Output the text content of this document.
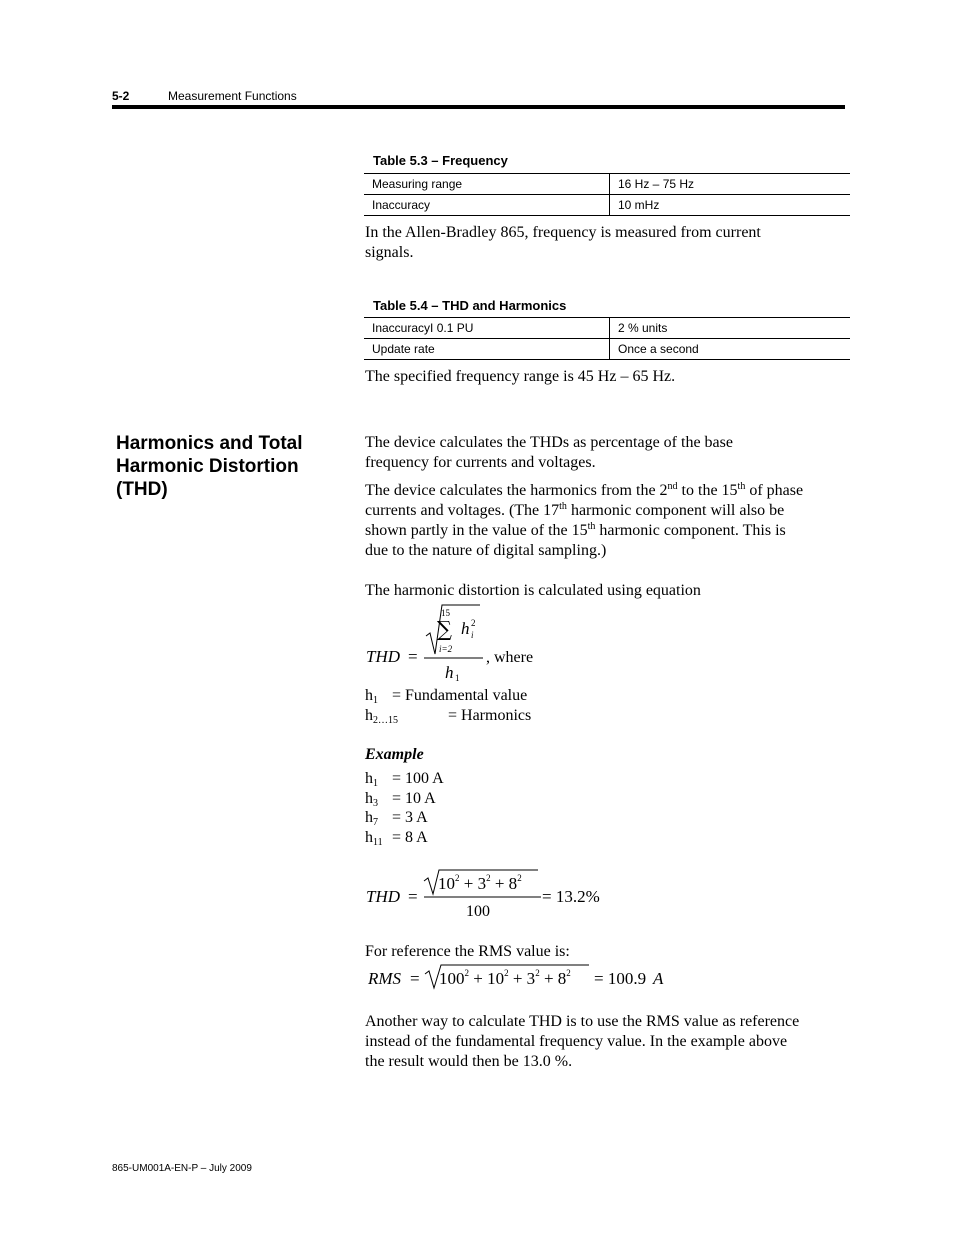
5-2	Measurement Functions
Table 5.3 – Frequency
Measuring range	16 Hz – 75 Hz
Inaccuracy	10 mHz
In the Allen-Bradley 865, frequency is measured from current signals.
Table 5.4 – THD and Harmonics
InaccuracyI 0.1 PU	2 % units
Update rate	Once a second
The specified frequency range is 45 Hz – 65 Hz.
Harmonics and Total Harmonic Distortion (THD)
The device calculates the THDs as percentage of the base frequency for currents and voltages.
The device calculates the harmonics from the 2nd to the 15th of phase currents and voltages. (The 17th harmonic component will also be shown partly in the value of the 15th harmonic component. This is due to the nature of digital sampling.)
The harmonic distortion is calculated using equation
THD =
15
∑
i=2
h 2
i
h 1
, where
$h_1$ = Fundamental value
$h_{2\dots 15}$	= Harmonics
Example
$h_1 = 100$ A
$h_3 = 10$ A
$h_7 = 3$ A
$h_{11} = 8$ A
THD =
$10^2 + 3^2 + 8^2$
100
= 13.2%
For reference the RMS value is:
RMS = $100^2 + 10^2 + 3^2 + 8^2 = 100.9$ A
Another way to calculate THD is to use the RMS value as reference instead of the fundamental frequency value. In the example above the result would then be 13.0 %.
865-UM001A-EN-P – July 2009
